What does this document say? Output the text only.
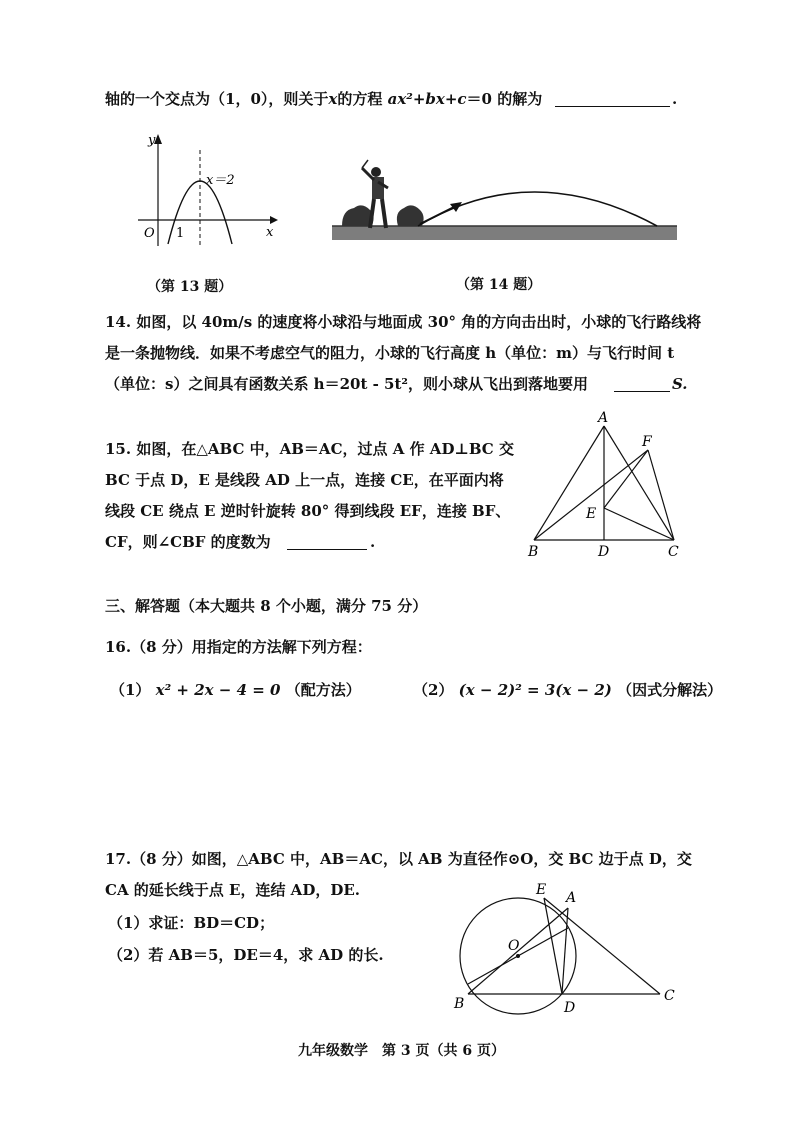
轴的一个交点为（1，0），则关于x的方程 ax²+bx+c＝0 的解为	.
y
x
O 1
x＝2
（第 13 题）	（第 14 题）
14. 如图，以 40m/s 的速度将小球沿与地面成 30° 角的方向击出时，小球的飞行路线将
是一条抛物线．如果不考虑空气的阻力，小球的飞行高度 h（单位：m）与飞行时间 t
（单位：s）之间具有函数关系 h＝20t - 5t²，则小球从飞出到落地要用	S.
15. 如图，在△ABC 中，AB＝AC，过点 A 作 AD⊥BC 交
BC 于点 D，E 是线段 AD 上一点，连接 CE，在平面内将
线段 CE 绕点 E 逆时针旋转 80° 得到线段 EF，连接 BF、
CF，则∠CBF 的度数为	.
A
F
E
B	D	C
三、解答题（本大题共 8 个小题，满分 75 分）
16.（8 分）用指定的方法解下列方程：
（1） x² + 2x − 4 = 0 （配方法）	（2） (x − 2)² = 3(x − 2) （因式分解法）
17.（8 分）如图，△ABC 中，AB＝AC，以 AB 为直径作⊙O，交 BC 边于点 D，交
CA 的延长线于点 E，连结 AD，DE.
（1）求证：BD＝CD；
（2）若 AB＝5，DE＝4，求 AD 的长.
E A
O
B	D
C
九年级数学　第 3 页（共 6 页）
